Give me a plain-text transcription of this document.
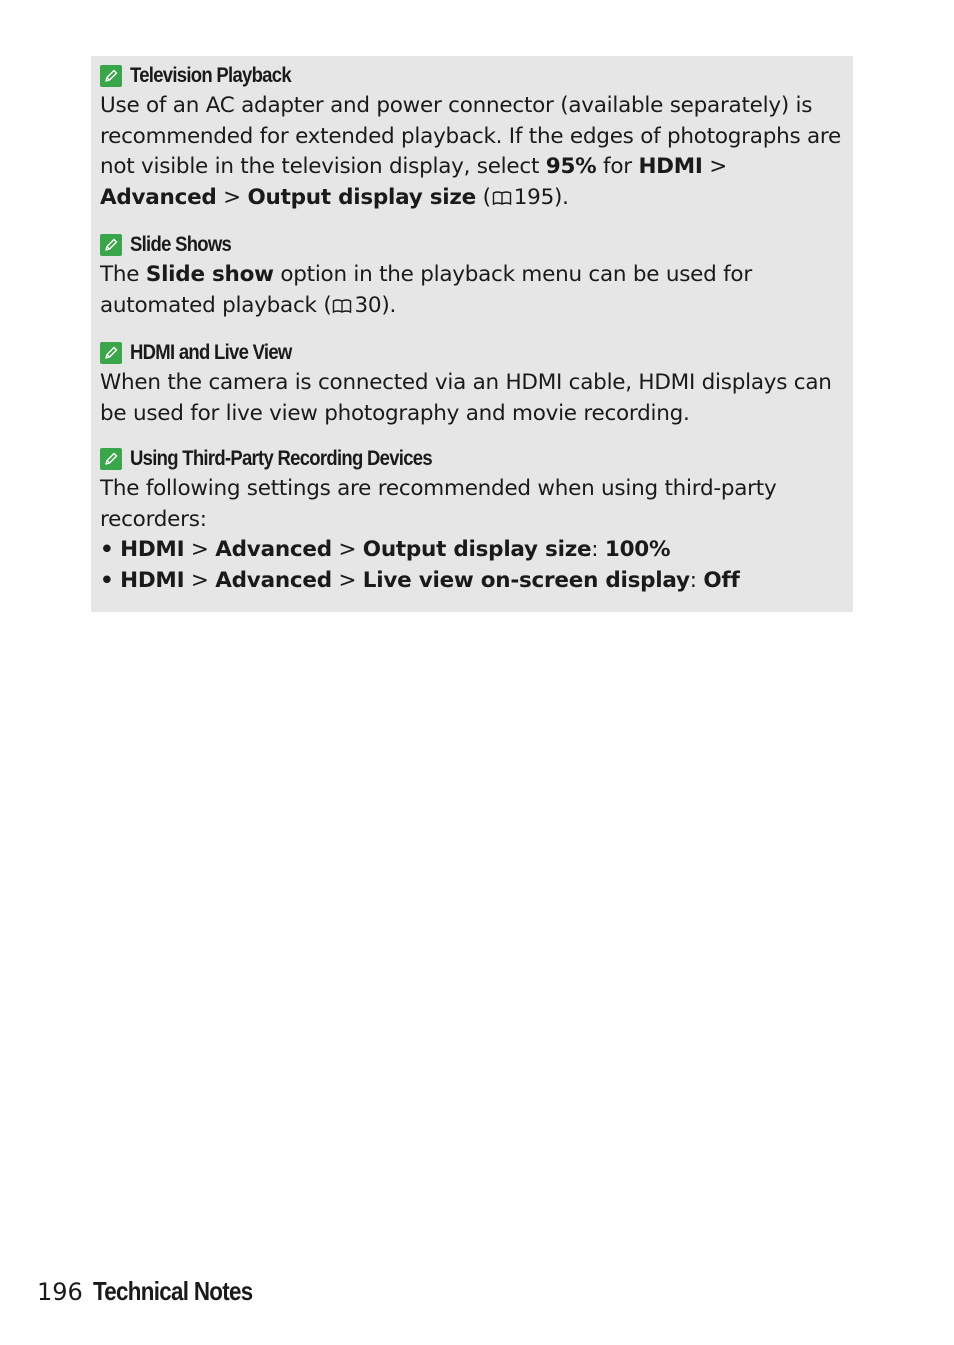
Television Playback
Use of an AC adapter and power connector (available separately) is recommended for extended playback. If the edges of photographs are not visible in the television display, select 95% for HDMI > Advanced > Output display size ( 195).
Slide Shows
The Slide show option in the playback menu can be used for automated playback ( 30).
HDMI and Live View
When the camera is connected via an HDMI cable, HDMI displays can be used for live view photography and movie recording.
Using Third-Party Recording Devices
The following settings are recommended when using third-party recorders:
• HDMI > Advanced > Output display size: 100%
• HDMI > Advanced > Live view on-screen display: Off
196 Technical Notes
